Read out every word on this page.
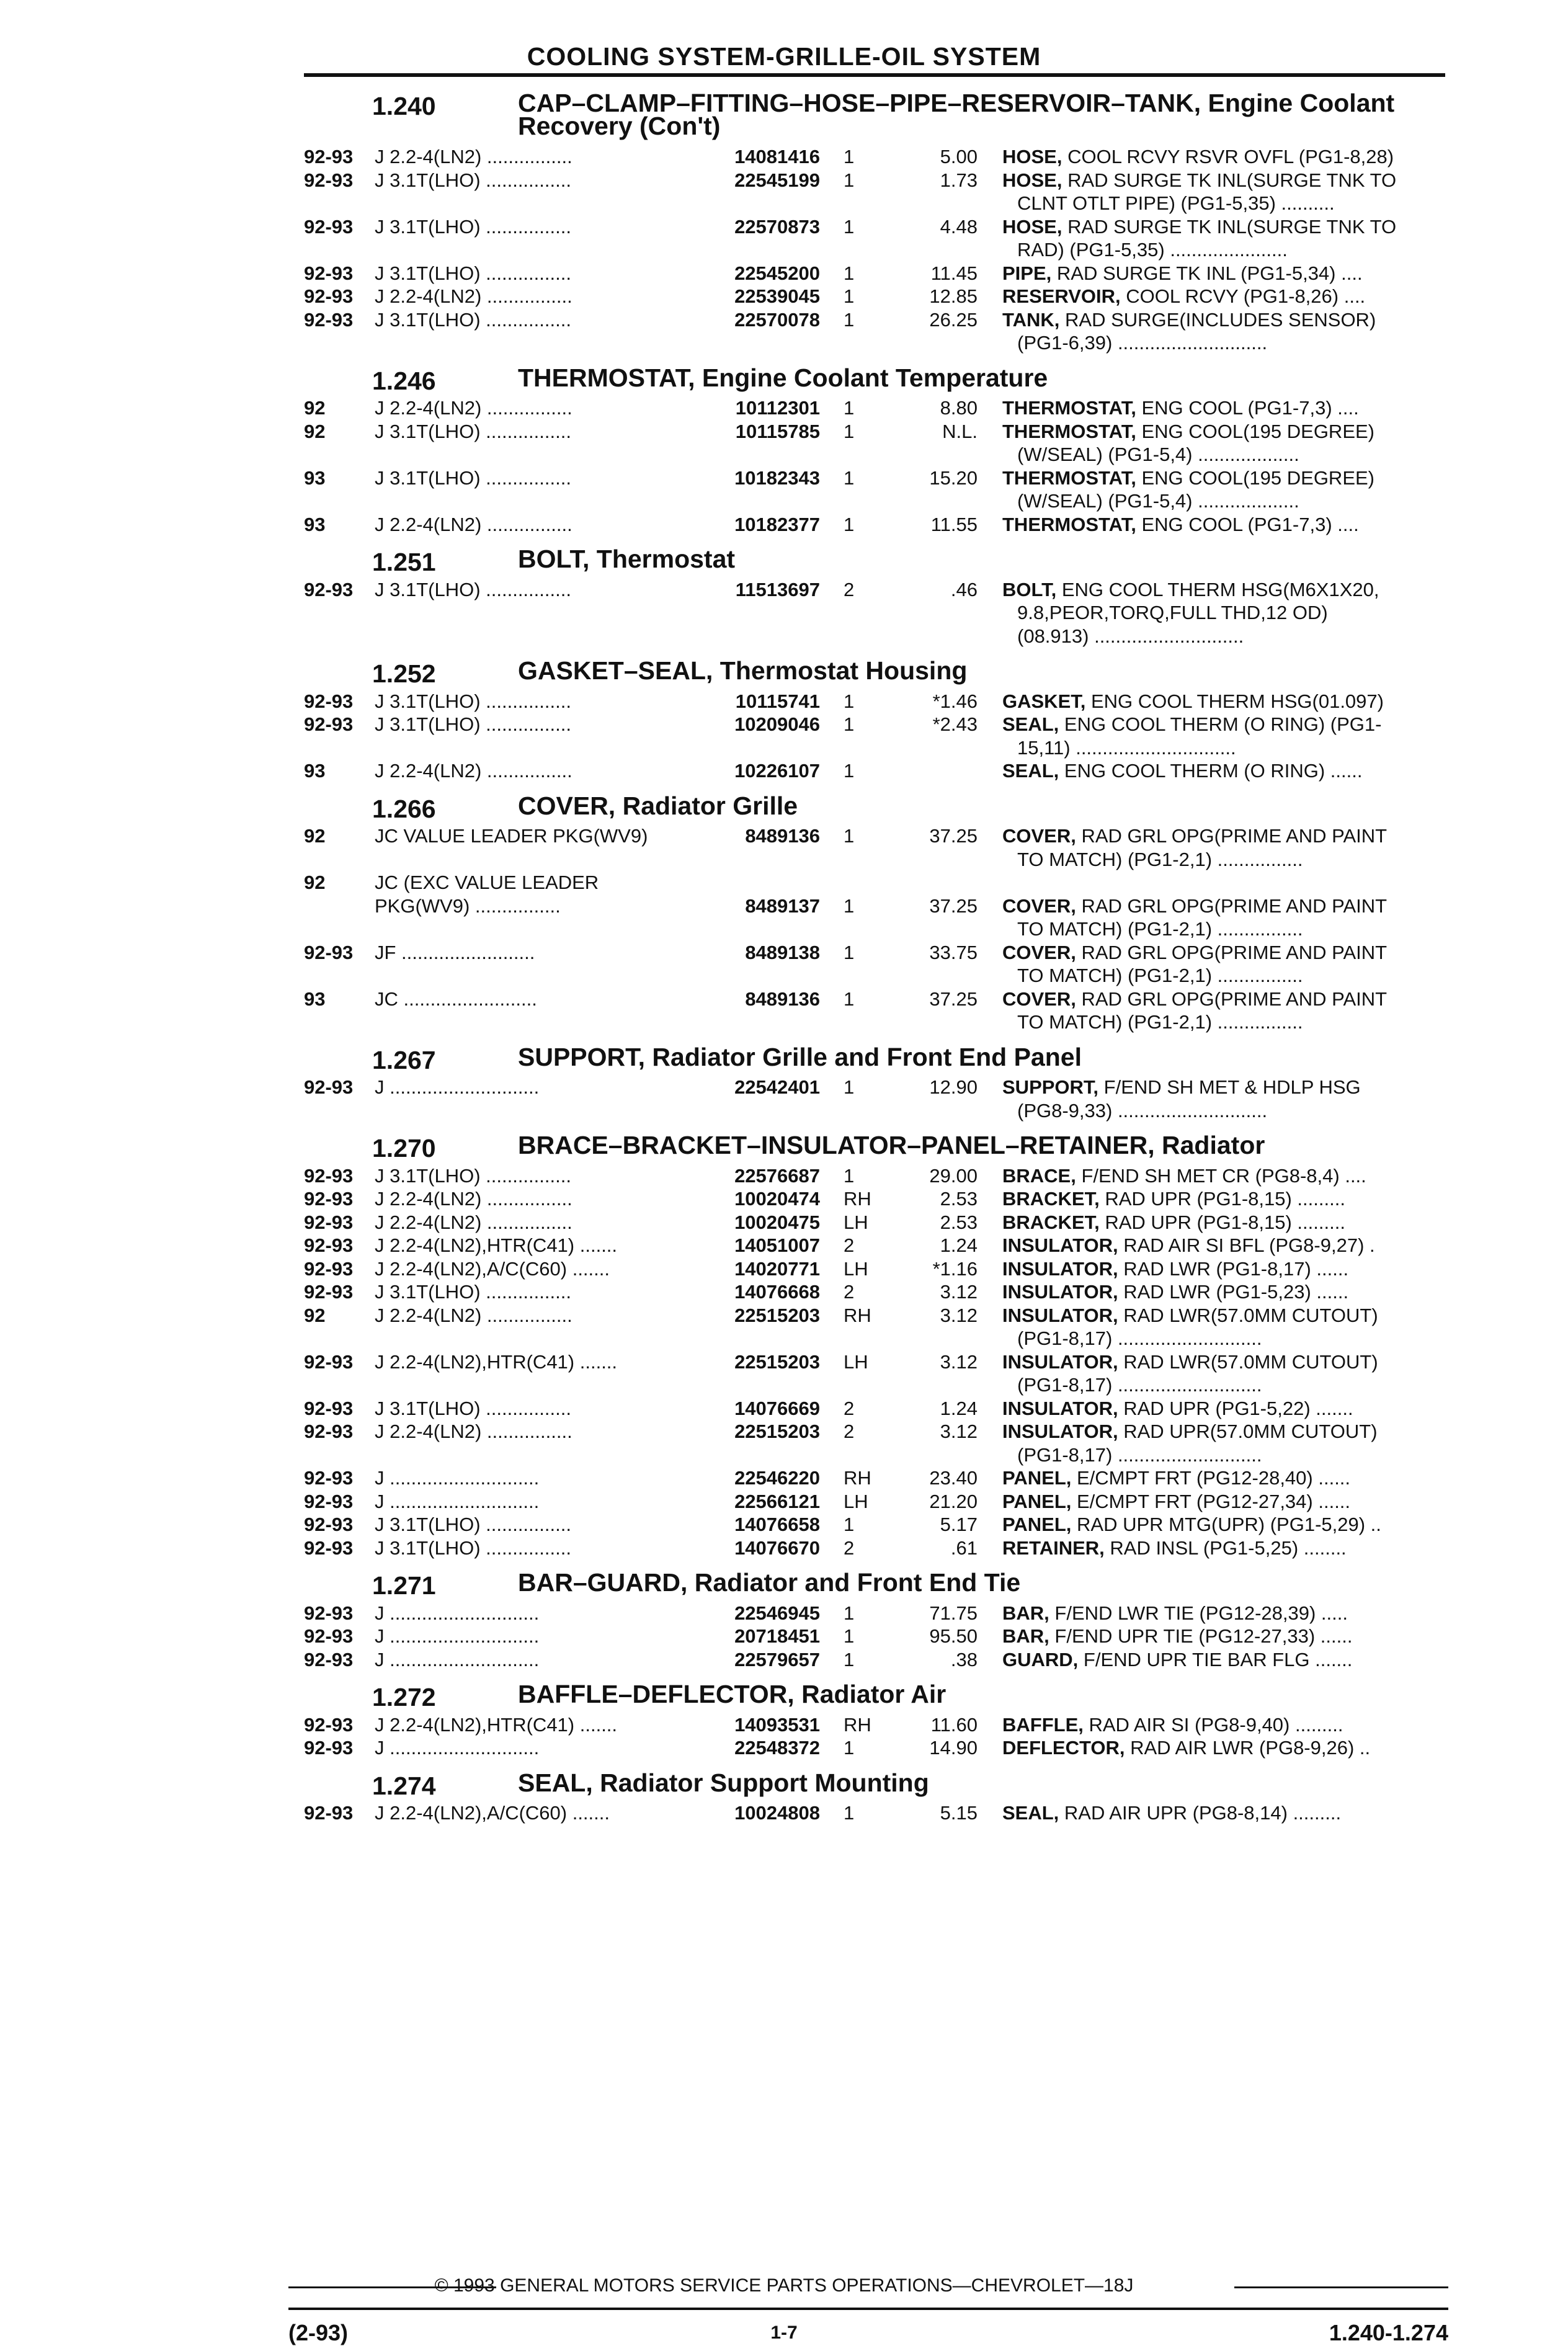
COOLING SYSTEM-GRILLE-OIL SYSTEM
1.240	CAP–CLAMP–FITTING–HOSE–PIPE–RESERVOIR–TANK, Engine Coolant
Recovery (Con't)
92-93 J 2.2-4(LN2) ................	14081416 1	5.00 HOSE, COOL RCVY RSVR OVFL (PG1-8,28)
92-93 J 3.1T(LHO) ................	22545199 1	1.73 HOSE, RAD SURGE TK INL(SURGE TNK TO
CLNT OTLT PIPE) (PG1-5,35) ..........
92-93 J 3.1T(LHO) ................	22570873 1	4.48 HOSE, RAD SURGE TK INL(SURGE TNK TO
RAD) (PG1-5,35) ......................
92-93 J 3.1T(LHO) ................	22545200 1	11.45 PIPE, RAD SURGE TK INL (PG1-5,34) ....
92-93 J 2.2-4(LN2) ................	22539045 1	12.85 RESERVOIR, COOL RCVY (PG1-8,26) ....
92-93 J 3.1T(LHO) ................	22570078 1	26.25 TANK, RAD SURGE(INCLUDES SENSOR)
(PG1-6,39) ............................
1.246	THERMOSTAT, Engine Coolant Temperature
92	J 2.2-4(LN2) ................	10112301 1	8.80 THERMOSTAT, ENG COOL (PG1-7,3) ....
92	J 3.1T(LHO) ................	10115785 1	N.L. THERMOSTAT, ENG COOL(195 DEGREE)
(W/SEAL) (PG1-5,4) ...................
93	J 3.1T(LHO) ................	10182343 1	15.20 THERMOSTAT, ENG COOL(195 DEGREE)
(W/SEAL) (PG1-5,4) ...................
93	J 2.2-4(LN2) ................	10182377 1	11.55 THERMOSTAT, ENG COOL (PG1-7,3) ....
1.251	BOLT, Thermostat
92-93 J 3.1T(LHO) ................	11513697 2	.46 BOLT, ENG COOL THERM HSG(M6X1X20,
9.8,PEOR,TORQ,FULL THD,12 OD)
(08.913) ............................
1.252	GASKET–SEAL, Thermostat Housing
92-93 J 3.1T(LHO) ................	10115741 1	*1.46 GASKET, ENG COOL THERM HSG(01.097)
92-93 J 3.1T(LHO) ................	10209046 1	*2.43 SEAL, ENG COOL THERM (O RING) (PG1-
15,11) ..............................
93	J 2.2-4(LN2) ................	10226107 1	SEAL, ENG COOL THERM (O RING) ......
1.266	COVER, Radiator Grille
92	JC VALUE LEADER PKG(WV9)	8489136 1	37.25 COVER, RAD GRL OPG(PRIME AND PAINT
TO MATCH) (PG1-2,1) ................
92	JC (EXC VALUE LEADER
PKG(WV9) ................	8489137 1	37.25 COVER, RAD GRL OPG(PRIME AND PAINT
TO MATCH) (PG1-2,1) ................
92-93 JF .........................	8489138 1	33.75 COVER, RAD GRL OPG(PRIME AND PAINT
TO MATCH) (PG1-2,1) ................
93	JC .........................	8489136 1	37.25 COVER, RAD GRL OPG(PRIME AND PAINT
TO MATCH) (PG1-2,1) ................
1.267	SUPPORT, Radiator Grille and Front End Panel
92-93 J ............................	22542401 1	12.90 SUPPORT, F/END SH MET & HDLP HSG
(PG8-9,33) ............................
1.270	BRACE–BRACKET–INSULATOR–PANEL–RETAINER, Radiator
92-93 J 3.1T(LHO) ................	22576687 1	29.00 BRACE, F/END SH MET CR (PG8-8,4) ....
92-93 J 2.2-4(LN2) ................	10020474 RH	2.53 BRACKET, RAD UPR (PG1-8,15) .........
92-93 J 2.2-4(LN2) ................	10020475 LH	2.53 BRACKET, RAD UPR (PG1-8,15) .........
92-93 J 2.2-4(LN2),HTR(C41) .......	14051007 2	1.24 INSULATOR, RAD AIR SI BFL (PG8-9,27) .
92-93 J 2.2-4(LN2),A/C(C60) .......	14020771 LH	*1.16 INSULATOR, RAD LWR (PG1-8,17) ......
92-93 J 3.1T(LHO) ................	14076668 2	3.12 INSULATOR, RAD LWR (PG1-5,23) ......
92	J 2.2-4(LN2) ................	22515203 RH	3.12 INSULATOR, RAD LWR(57.0MM CUTOUT)
(PG1-8,17) ...........................
92-93 J 2.2-4(LN2),HTR(C41) .......	22515203 LH	3.12 INSULATOR, RAD LWR(57.0MM CUTOUT)
(PG1-8,17) ...........................
92-93 J 3.1T(LHO) ................	14076669 2	1.24 INSULATOR, RAD UPR (PG1-5,22) .......
92-93 J 2.2-4(LN2) ................	22515203 2	3.12 INSULATOR, RAD UPR(57.0MM CUTOUT)
(PG1-8,17) ...........................
92-93 J ............................	22546220 RH	23.40 PANEL, E/CMPT FRT (PG12-28,40) ......
92-93 J ............................	22566121 LH	21.20 PANEL, E/CMPT FRT (PG12-27,34) ......
92-93 J 3.1T(LHO) ................	14076658 1	5.17 PANEL, RAD UPR MTG(UPR) (PG1-5,29) ..
92-93 J 3.1T(LHO) ................	14076670 2	.61 RETAINER, RAD INSL (PG1-5,25) ........
1.271	BAR–GUARD, Radiator and Front End Tie
92-93 J ............................	22546945 1	71.75 BAR, F/END LWR TIE (PG12-28,39) .....
92-93 J ............................	20718451 1	95.50 BAR, F/END UPR TIE (PG12-27,33) ......
92-93 J ............................	22579657 1	.38 GUARD, F/END UPR TIE BAR FLG .......
1.272	BAFFLE–DEFLECTOR, Radiator Air
92-93 J 2.2-4(LN2),HTR(C41) .......	14093531 RH	11.60 BAFFLE, RAD AIR SI (PG8-9,40) .........
92-93 J ............................	22548372 1	14.90 DEFLECTOR, RAD AIR LWR (PG8-9,26) ..
1.274	SEAL, Radiator Support Mounting
92-93 J 2.2-4(LN2),A/C(C60) .......	10024808 1	5.15 SEAL, RAD AIR UPR (PG8-8,14) .........
© 1993 GENERAL MOTORS SERVICE PARTS OPERATIONS—CHEVROLET—18J
(2-93)	1-7	1.240-1.274
